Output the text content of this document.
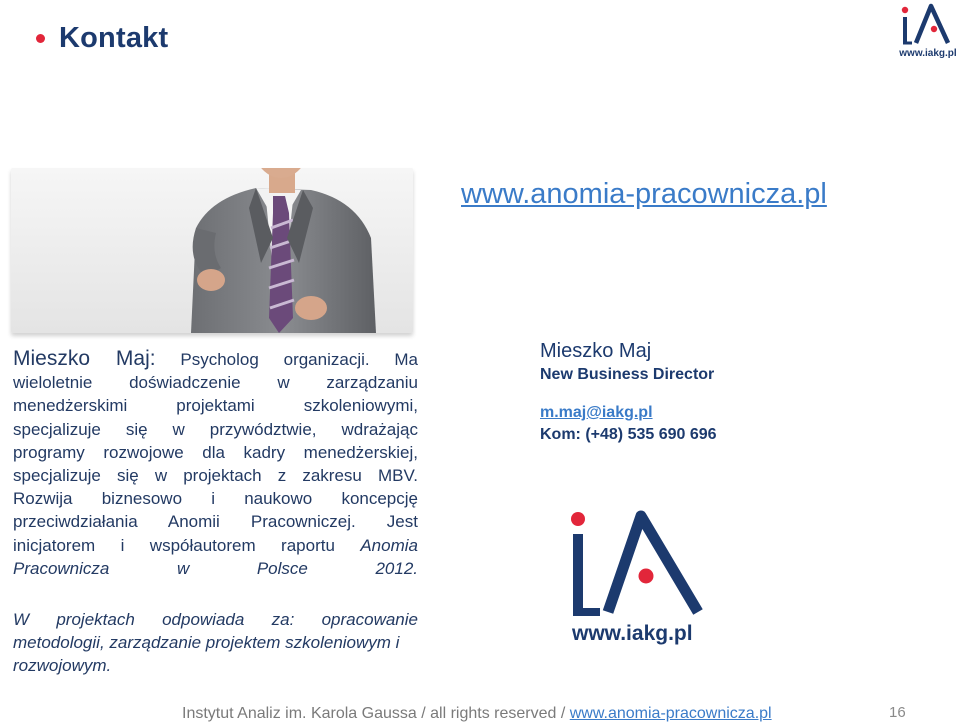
Kontakt	www.iakg.pl
www.anomia-pracownicza.pl
Mieszko Maj: Psycholog organizacji. Ma
wieloletnie doświadczenie w zarządzaniu
menedżerskimi projektami szkoleniowymi,
specjalizuje się w przywództwie, wdrażając
programy rozwojowe dla kadry menedżerskiej,
specjalizuje się w projektach z zakresu MBV.
Rozwija biznesowo i naukowo koncepcję
przeciwdziałania Anomii Pracowniczej. Jest
inicjatorem i współautorem raportu Anomia
Pracownicza w Polsce 2012.
W projektach odpowiada za: opracowanie
metodologii, zarządzanie projektem szkoleniowym i
rozwojowym.
Mieszko Maj
New Business Director
m.maj@iakg.pl
Kom: (+48) 535 690 696
www.iakg.pl
Instytut Analiz im. Karola Gaussa / all rights reserved / www.anomia-pracownicza.pl	16
